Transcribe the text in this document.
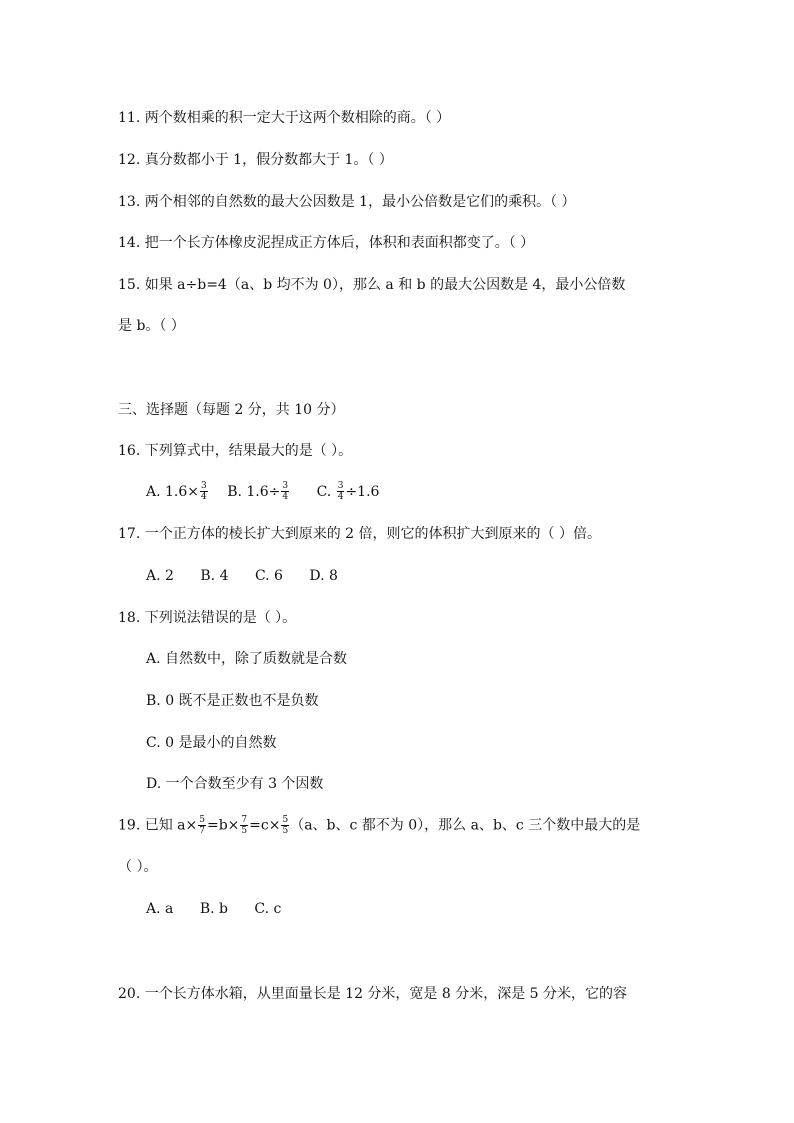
11. 两个数相乘的积一定大于这两个数相除的商。（ ）
12. 真分数都小于 1，假分数都大于 1。（ ）
13. 两个相邻的自然数的最大公因数是 1，最小公倍数是它们的乘积。（ ）
14. 把一个长方体橡皮泥捏成正方体后，体积和表面积都变了。（ ）
15. 如果 a÷b=4（a、b 均不为 0），那么 a 和 b 的最大公因数是 4，最小公倍数
是 b。（ ）
三、选择题（每题 2 分，共 10 分）
16. 下列算式中，结果最大的是（ ）。
A. $1.6\times \frac{3}{4} B$. $1.6\div \frac{3}{4} C$. $\frac{3}{4} \div 1.6$
17. 一个正方体的棱长扩大到原来的 2 倍，则它的体积扩大到原来的（ ）倍。
A. 2 B. 4 C. 6 D. 8
18. 下列说法错误的是（ ）。
A. 自然数中，除了质数就是合数
B. 0 既不是正数也不是负数
C. 0 是最小的自然数
D. 一个合数至少有 3 个因数
19. 已知 $a\times \frac{5}{7} =b\times \frac{7}{5} =c\times \frac{5}{5} (a$、b、c 都不为 0），那么 a、b、c 三个数中最大的是
（ ）。
A. a B. b C. c
20. 一个长方体水箱，从里面量长是 12 分米，宽是 8 分米，深是 5 分米，它的容
